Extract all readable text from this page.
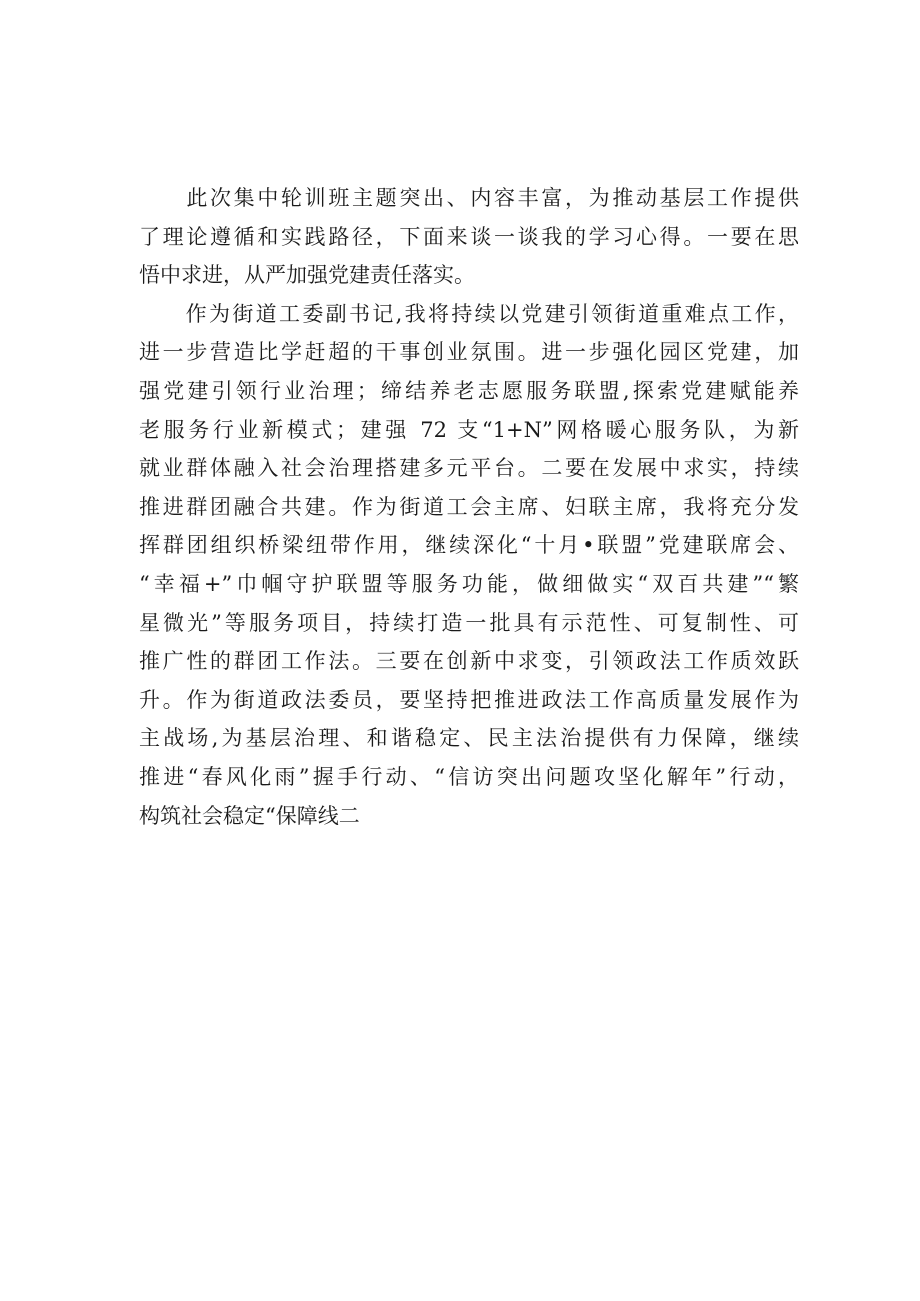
　　此次集中轮训班主题突出、内容丰富，为推动基层工作提供
了理论遵循和实践路径，下面来谈一谈我的学习心得。一要在思
悟中求进，从严加强党建责任落实。
　　作为街道工委副书记,我将持续以党建引领街道重难点工作，
进一步营造比学赶超的干事创业氛围。进一步强化园区党建，加
强党建引领行业治理；缔结养老志愿服务联盟,探索党建赋能养
老服务行业新模式；建强 72 支“1+N”网格暖心服务队，为新
就业群体融入社会治理搭建多元平台。二要在发展中求实，持续
推进群团融合共建。作为街道工会主席、妇联主席，我将充分发
挥群团组织桥梁纽带作用，继续深化“十月•联盟”党建联席会、
“幸福+”巾帼守护联盟等服务功能，做细做实“双百共建”“繁
星微光”等服务项目，持续打造一批具有示范性、可复制性、可
推广性的群团工作法。三要在创新中求变，引领政法工作质效跃
升。作为街道政法委员，要坚持把推进政法工作高质量发展作为
主战场,为基层治理、和谐稳定、民主法治提供有力保障，继续
推进“春风化雨”握手行动、“信访突出问题攻坚化解年”行动，
构筑社会稳定“保障线二
